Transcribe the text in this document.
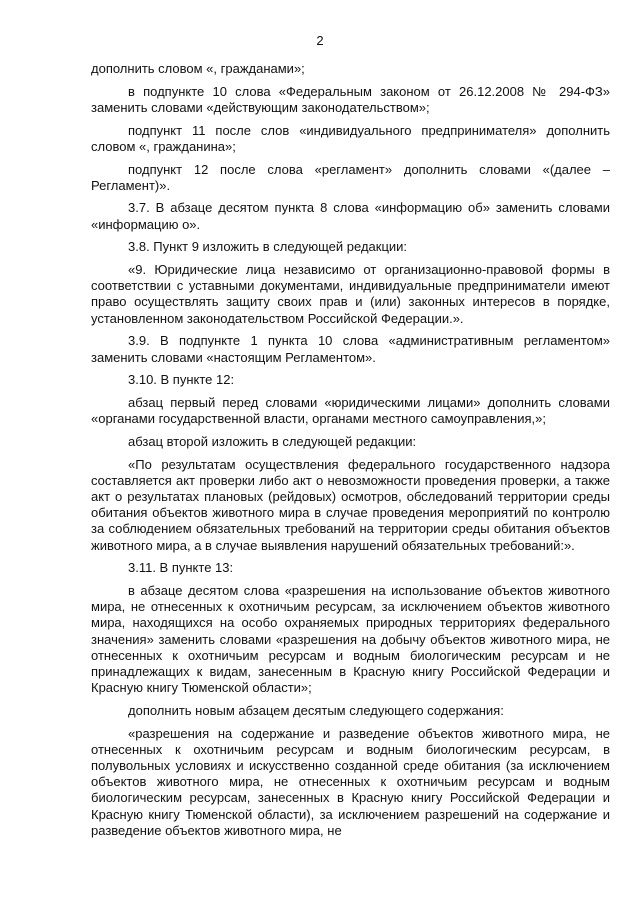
2

дополнить словом «, гражданами»;

в подпункте 10 слова «Федеральным законом от 26.12.2008 № 294-ФЗ» заменить словами «действующим законодательством»;

подпункт 11 после слов «индивидуального предпринимателя» дополнить словом «, гражданина»;

подпункт 12 после слова «регламент» дополнить словами «(далее – Регламент)».

3.7. В абзаце десятом пункта 8 слова «информацию об» заменить словами «информацию о».

3.8. Пункт 9 изложить в следующей редакции:

«9. Юридические лица независимо от организационно-правовой формы в соответствии с уставными документами, индивидуальные предприниматели имеют право осуществлять защиту своих прав и (или) законных интересов в порядке, установленном законодательством Российской Федерации.».

3.9. В подпункте 1 пункта 10 слова «административным регламентом» заменить словами «настоящим Регламентом».

3.10. В пункте 12:

абзац первый перед словами «юридическими лицами» дополнить словами «органами государственной власти, органами местного самоуправления,»;

абзац второй изложить в следующей редакции:

«По результатам осуществления федерального государственного надзора составляется акт проверки либо акт о невозможности проведения проверки, а также акт о результатах плановых (рейдовых) осмотров, обследований территории среды обитания объектов животного мира в случае проведения мероприятий по контролю за соблюдением обязательных требований на территории среды обитания объектов животного мира, а в случае выявления нарушений обязательных требований:».

3.11. В пункте 13:

в абзаце десятом слова «разрешения на использование объектов животного мира, не отнесенных к охотничьим ресурсам, за исключением объектов животного мира, находящихся на особо охраняемых природных территориях федерального значения» заменить словами «разрешения на добычу объектов животного мира, не отнесенных к охотничьим ресурсам и водным биологическим ресурсам и не принадлежащих к видам, занесенным в Красную книгу Российской Федерации и Красную книгу Тюменской области»;

дополнить новым абзацем десятым следующего содержания:

«разрешения на содержание и разведение объектов животного мира, не отнесенных к охотничьим ресурсам и водным биологическим ресурсам, в полувольных условиях и искусственно созданной среде обитания (за исключением объектов животного мира, не отнесенных к охотничьим ресурсам и водным биологическим ресурсам, занесенных в Красную книгу Российской Федерации и Красную книгу Тюменской области), за исключением разрешений на содержание и разведение объектов животного мира, не
